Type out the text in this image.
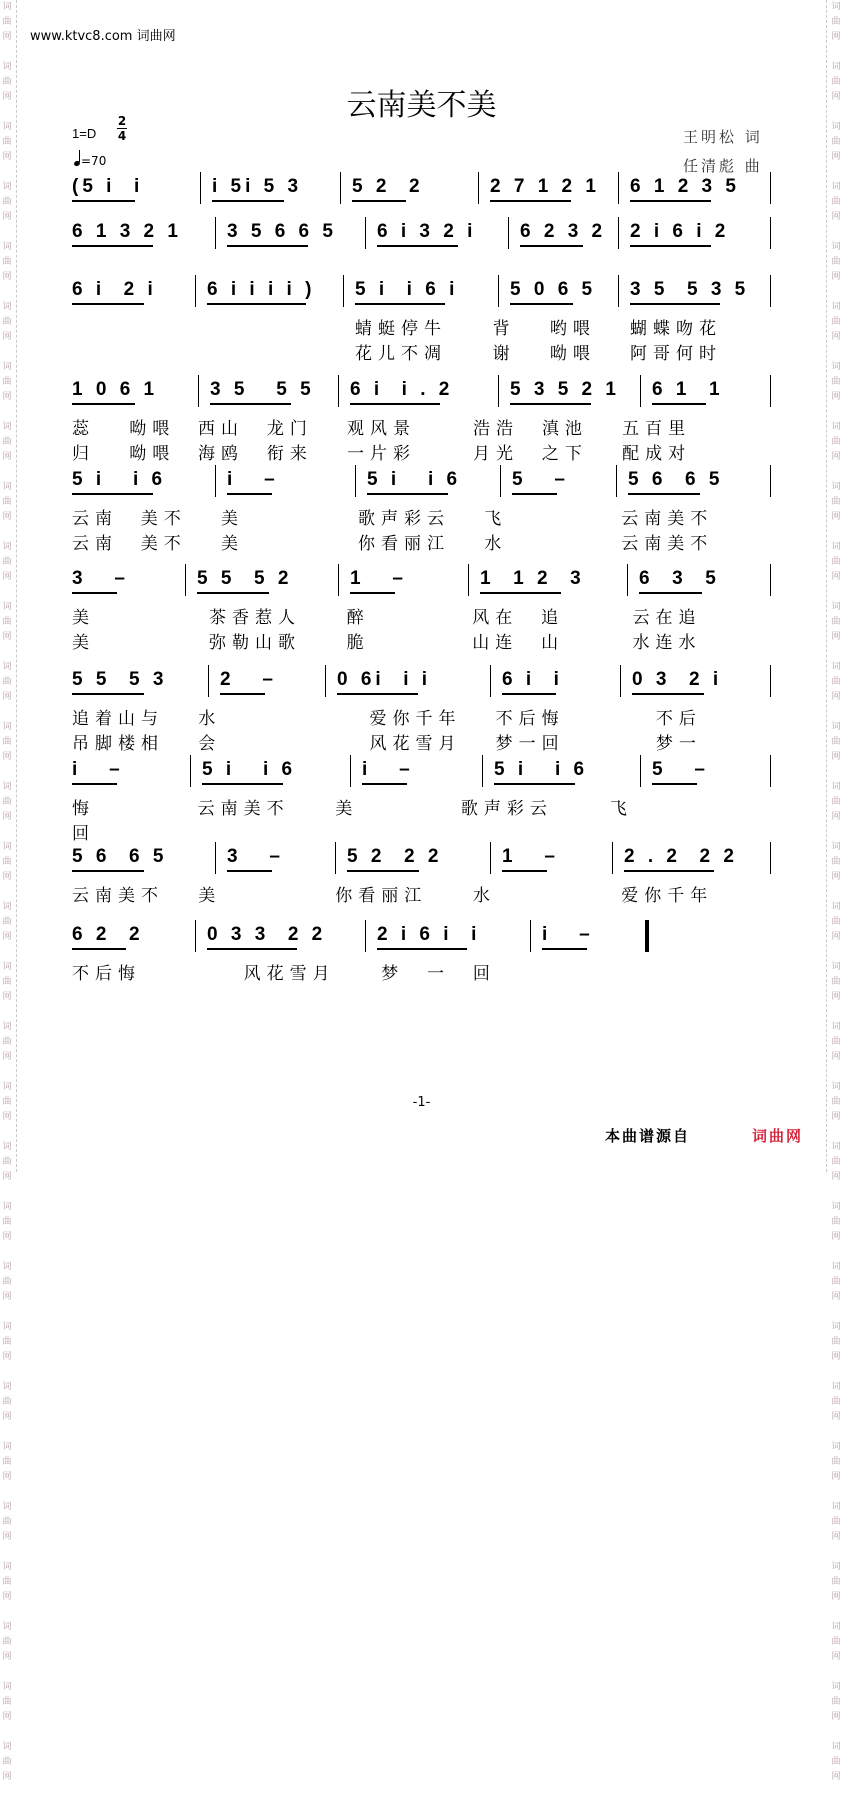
词
曲
网

词
曲
网

词
曲
网

词
曲
网

词
曲
网

词
曲
网

词
曲
网

词
曲
网

词
曲
网

词
曲
网

词
曲
网

词
曲
网

词
曲
网

词
曲
网

词
曲
网

词
曲
网

词
曲
网

词
曲
网

词
曲
网

词
曲
网

词
曲
网

词
曲
网

词
曲
网

词
曲
网

词
曲
网

词
曲
网

词
曲
网

词
曲
网

词
曲
网

词
曲
网

词
曲
网

词
曲
网

词
曲
网

词
曲
网

词
曲
网

词
曲
网

词
曲
网

词
曲
网

词
曲
网

词
曲
网

词
曲
网

词
曲
网

词
曲
网

词
曲
网

词
曲
网

词
曲
网

词
曲
网

词
曲
网

词
曲
网

词
曲
网

词
曲
网

词
曲
网

词
曲
网

词
曲
网

词
曲
网

词
曲
网

词
曲
网

词
曲
网

词
曲
网

词
曲
网

www.ktvc8.com 词曲网
云南美不美
1=D
2
4
=70
王明松 词
任清彪 曲
(5 i  i	i 5i 5 3	5 2  2	2 7 1 2 1 6 1 2 3 5
6 1 3 2 1 3 5 6 6 5 6 i 3 2 i 6 2 3 2 2 i 6 i 2
6 i  2 i	6 i i i i ) 5 i  i 6 i	5 0 6 5 3 5  5 3 5
蜻蜓停牛    背   哟喂   蝴蝶吻花
花儿不凋    谢   呦喂   阿哥何时
1 0 6 1	3 5   5 5 6 i  i . 2	5 3 5 2 1 6 1  1
蕊   呦喂  西山  龙门   观风景     浩浩  滇池   五百里
归   呦喂  海鸥  衔来   一片彩     月光  之下   配成对
5 i   i 6	i   –	5 i   i 6	5   –	5 6  6 5
云南  美不   美          歌声彩云   飞          云南美不
云南  美不   美          你看丽江   水          云南美不
3   –	5 5  5 2	1   –	1  1 2  3	6  3  5
美          茶香惹人    醉         风在  追      云在追
美          弥勒山歌    脆         山连  山      水连水
5 5  5 3	2   –	0 6i  i i	6 i  i	0 3  2 i
追着山与   水             爱你千年   不后悔        不后
吊脚楼相   会             风花雪月   梦一回        梦一
i   –	5 i   i 6	i   –	5 i   i 6	5   –
悔         云南美不    美         歌声彩云     飞
回
5 6  6 5	3   –	5 2  2 2	1   –	2 . 2  2 2
云南美不   美          你看丽江    水           爱你千年
6 2  2	0 3 3  2 2	2 i 6 i  i	i   –
不后悔         风花雪月    梦  一  回
-1-
本曲谱源自	词曲网
